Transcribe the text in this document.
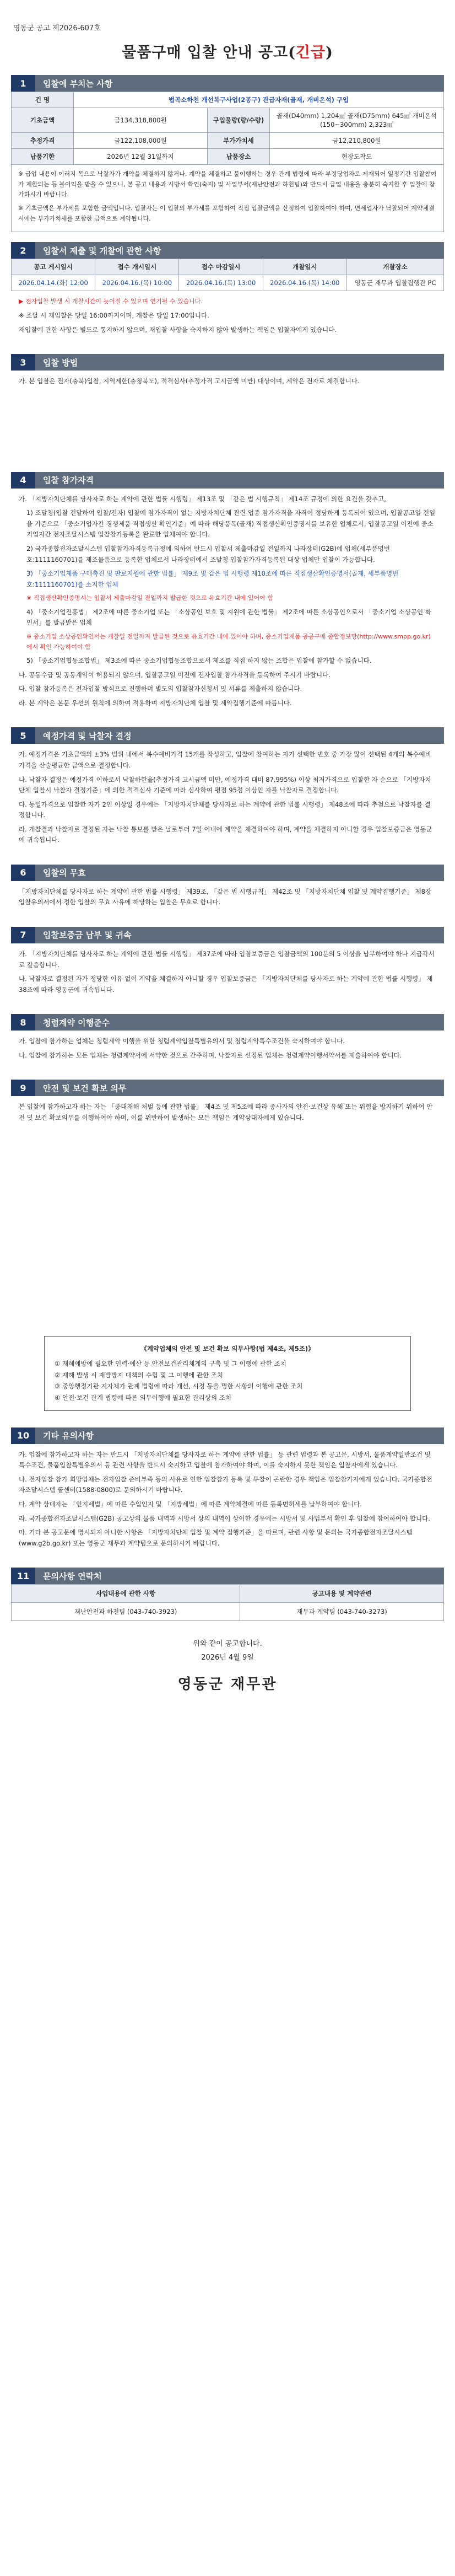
영동군 공고 제2026-607호
물품구매 입찰 안내 공고(긴급)
1	입찰에 부치는 사항
건 명	법곡소하천 개선복구사업(2공구) 관급자재(골재, 개비온석) 구입		
기초금액	금134,318,800원	구입물량(량/수량)	골재(D40mm) 1,204㎥ 골재(D75mm) 645㎥ 개비온석(150~300mm) 2,323㎥
추정가격	금122,108,000원	부가가치세	금12,210,800원
납품기한	2026년 12월 31일까지	납품장소	현장도착도

※ 급업 내용이 이러지 목으로 낙찰자가 계약을 체결하지 않거나, 계약을 체결하고 불이행하는 경우 관계 법령에 따라 부정당업자로 제재되어 일정기간 입찰참여가 제한되는 등 불이익을 받을 수 있으니, 본 공고 내용과 시방서 확인(숙지) 및 사업부서(재난안전과 하천팀)와 반드시 급업 내용을 충분히 숙지한 후 입찰에 참가하시기 바랍니다.

※ 기초금액은 부가세를 포함한 금액입니다. 입찰자는 이 입찰의 부가세를 포함하여 직접 입찰금액을 산정하여 입찰하여야 하며, 면세업자가 낙찰되어 계약체결 시에는 부가가치세를 포함한 금액으로 계약됩니다.

2	입찰서 제출 및 개찰에 관한 사항
공고 게시일시	접수 개시일시	접수 마감일시	개찰일시	개찰장소
2026.04.14.(화) 12:00	2026.04.16.(목) 10:00	2026.04.16.(목) 13:00	2026.04.16.(목) 14:00	영동군 재무과 입찰집행관 PC

▶ 전자입찰 발생 시 개찰시간이 늦어질 수 있으며 연기될 수 있습니다.

※ 조달 시 재입찰은 당일 16:00까지이며, 개찰은 당일 17:00입니다.

재입찰에 관한 사항은 별도로 통지하지 않으며, 재입찰 사항을 숙지하지 않아 발생하는 책임은 입찰자에게 있습니다.

3	입찰 방법

가. 본 입찰은 전자(충북)입찰, 지역제한(충청북도), 적격심사(추정가격 고시금액 미만) 대상이며, 계약은 전자로 체결합니다.

4	입찰 참가자격

가. 「지방자치단체를 당사자로 하는 계약에 관한 법률 시행령」 제13조 및 「같은 법 시행규칙」 제14조 규정에 의한 요건을 갖추고,

1) 조달청(입찰 전달하여 입찰/전자) 입찰에 참가자격이 없는 지방자치단체 관련 업종 참가자격을 자격이 정당하게 등록되어 있으며, 입찰공고일 전일을 기준으로 「중소기업자간 경쟁제품 직접생산 확인기준」에 따라 해당품목(골재) 직접생산확인증명서를 보유한 업체로서, 입찰공고일 이전에 중소기업자간 전자조달시스템 입찰참가등록을 완료한 업체여야 합니다.

2) 국가종합전자조달시스템 입찰참가자격등록규정에 의하여 반드시 입찰서 제출마감일 전일까지 나라장터(G2B)에 업체(세부품명번호:1111160701)를 제조물품으로 등록한 업체로서 나라장터에서 조달청 입찰참가자격등록된 대상 업체만 입찰이 가능합니다.

3) 「중소기업제품 구매촉진 및 판로지원에 관한 법률」 제9조 및 같은 법 시행령 제10조에 따른 직접생산확인증명서(골재, 세부품명번호:1111160701)를 소지한 업체

※ 직접생산확인증명서는 입찰서 제출마감일 전일까지 발급한 것으로 유효기간 내에 있어야 함

4) 「중소기업진흥법」 제2조에 따른 중소기업 또는 「소상공인 보호 및 지원에 관한 법률」 제2조에 따른 소상공인으로서 「중소기업 소상공인 확인서」를 발급받은 업체

※ 중소기업 소상공인확인서는 개찰일 전일까지 발급된 것으로 유효기간 내에 있어야 하며, 중소기업제품 공공구매 종합정보망(http://www.smpp.go.kr)에서 확인 가능하여야 함

5) 「중소기업협동조합법」 제3조에 따른 중소기업협동조합으로서 제조를 직접 하지 않는 조합은 입찰에 참가할 수 없습니다.

나. 공동수급 및 공동계약이 허용되지 않으며, 입찰공고일 이전에 전자입찰 참가자격을 등록하여 주시기 바랍니다.

다. 입찰 참가등록은 전자입찰 방식으로 진행하며 별도의 입찰참가신청서 및 서류를 제출하지 않습니다.

라. 본 계약은 본문 우선의 원칙에 의하여 적용하며 지방자치단체 입찰 및 계약집행기준에 따릅니다.

5	예정가격 및 낙찰자 결정

가. 예정가격은 기초금액의 ±3% 범위 내에서 복수예비가격 15개를 작성하고, 입찰에 참여하는 자가 선택한 번호 중 가장 많이 선택된 4개의 복수예비가격을 산술평균한 금액으로 결정합니다.

나. 낙찰자 결정은 예정가격 이하로서 낙찰하한율(추정가격 고시금액 미만, 예정가격 대비 87.995%) 이상 최저가격으로 입찰한 자 순으로 「지방자치단체 입찰시 낙찰자 결정기준」에 의한 적격심사 기준에 따라 심사하여 평점 95점 이상인 자를 낙찰자로 결정합니다.

다. 동일가격으로 입찰한 자가 2인 이상일 경우에는 「지방자치단체를 당사자로 하는 계약에 관한 법률 시행령」 제48조에 따라 추첨으로 낙찰자를 결정합니다.

라. 개찰결과 낙찰자로 결정된 자는 낙찰 통보를 받은 날로부터 7일 이내에 계약을 체결하여야 하며, 계약을 체결하지 아니할 경우 입찰보증금은 영동군에 귀속됩니다.

6	입찰의 무효

「지방자치단체를 당사자로 하는 계약에 관한 법률 시행령」 제39조, 「같은 법 시행규칙」 제42조 및 「지방자치단체 입찰 및 계약집행기준」 제8장 입찰유의서에서 정한 입찰의 무효 사유에 해당하는 입찰은 무효로 합니다.

7	입찰보증금 납부 및 귀속

가. 「지방자치단체를 당사자로 하는 계약에 관한 법률 시행령」 제37조에 따라 입찰보증금은 입찰금액의 100분의 5 이상을 납부하여야 하나 지급각서로 갈음합니다.

나. 낙찰자로 결정된 자가 정당한 이유 없이 계약을 체결하지 아니할 경우 입찰보증금은 「지방자치단체를 당사자로 하는 계약에 관한 법률 시행령」 제38조에 따라 영동군에 귀속됩니다.

8	청렴계약 이행준수

가. 입찰에 참가하는 업체는 청렴계약 이행을 위한 청렴계약입찰특별유의서 및 청렴계약특수조건을 숙지하여야 합니다.

나. 입찰에 참가하는 모든 업체는 청렴계약서에 서약한 것으로 간주하며, 낙찰자로 선정된 업체는 청렴계약이행서약서를 제출하여야 합니다.

9	안전 및 보건 확보 의무

본 입찰에 참가하고자 하는 자는 「중대재해 처벌 등에 관한 법률」 제4조 및 제5조에 따라 종사자의 안전·보건상 유해 또는 위험을 방지하기 위하여 안전 및 보건 확보의무를 이행하여야 하며, 이를 위반하여 발생하는 모든 책임은 계약상대자에게 있습니다.

《계약업체의 안전 및 보건 확보 의무사항(법 제4조, 제5조)》
① 재해예방에 필요한 인력·예산 등 안전보건관리체계의 구축 및 그 이행에 관한 조치
② 재해 발생 시 재발방지 대책의 수립 및 그 이행에 관한 조치
③ 중앙행정기관·지자체가 관계 법령에 따라 개선, 시정 등을 명한 사항의 이행에 관한 조치
④ 안전·보건 관계 법령에 따른 의무이행에 필요한 관리상의 조치
10	기타 유의사항

가. 입찰에 참가하고자 하는 자는 반드시 「지방자치단체를 당사자로 하는 계약에 관한 법률」 등 관련 법령과 본 공고문, 시방서, 물품계약일반조건 및 특수조건, 물품입찰특별유의서 등 관련 사항을 반드시 숙지하고 입찰에 참가하여야 하며, 이를 숙지하지 못한 책임은 입찰자에게 있습니다.

나. 전자입찰 참가 희망업체는 전자입찰 준비부족 등의 사유로 인한 입찰참가 등록 및 투찰이 곤란한 경우 책임은 입찰참가자에게 있습니다. 국가종합전자조달시스템 콜센터(1588-0800)로 문의하시기 바랍니다.

다. 계약 상대자는 「인지세법」에 따른 수입인지 및 「지방세법」에 따른 계약체결에 따른 등록면허세를 납부하여야 합니다.

라. 국가종합전자조달시스템(G2B) 공고상의 물품 내역과 시방서 상의 내역이 상이한 경우에는 시방서 및 사업부서 확인 후 입찰에 참여하여야 합니다.

마. 기타 본 공고문에 명시되지 아니한 사항은 「지방자치단체 입찰 및 계약 집행기준」을 따르며, 관련 사항 및 문의는 국가종합전자조달시스템(www.g2b.go.kr) 또는 영동군 재무과 계약팀으로 문의하시기 바랍니다.

11	문의사항 연락처
사업내용에 관한 사항	공고내용 및 계약관련
재난안전과 하천팀 (043-740-3923)	재무과 계약팀 (043-740-3273)
위와 같이 공고합니다.
2026년 4월 9일
영동군 재무관
